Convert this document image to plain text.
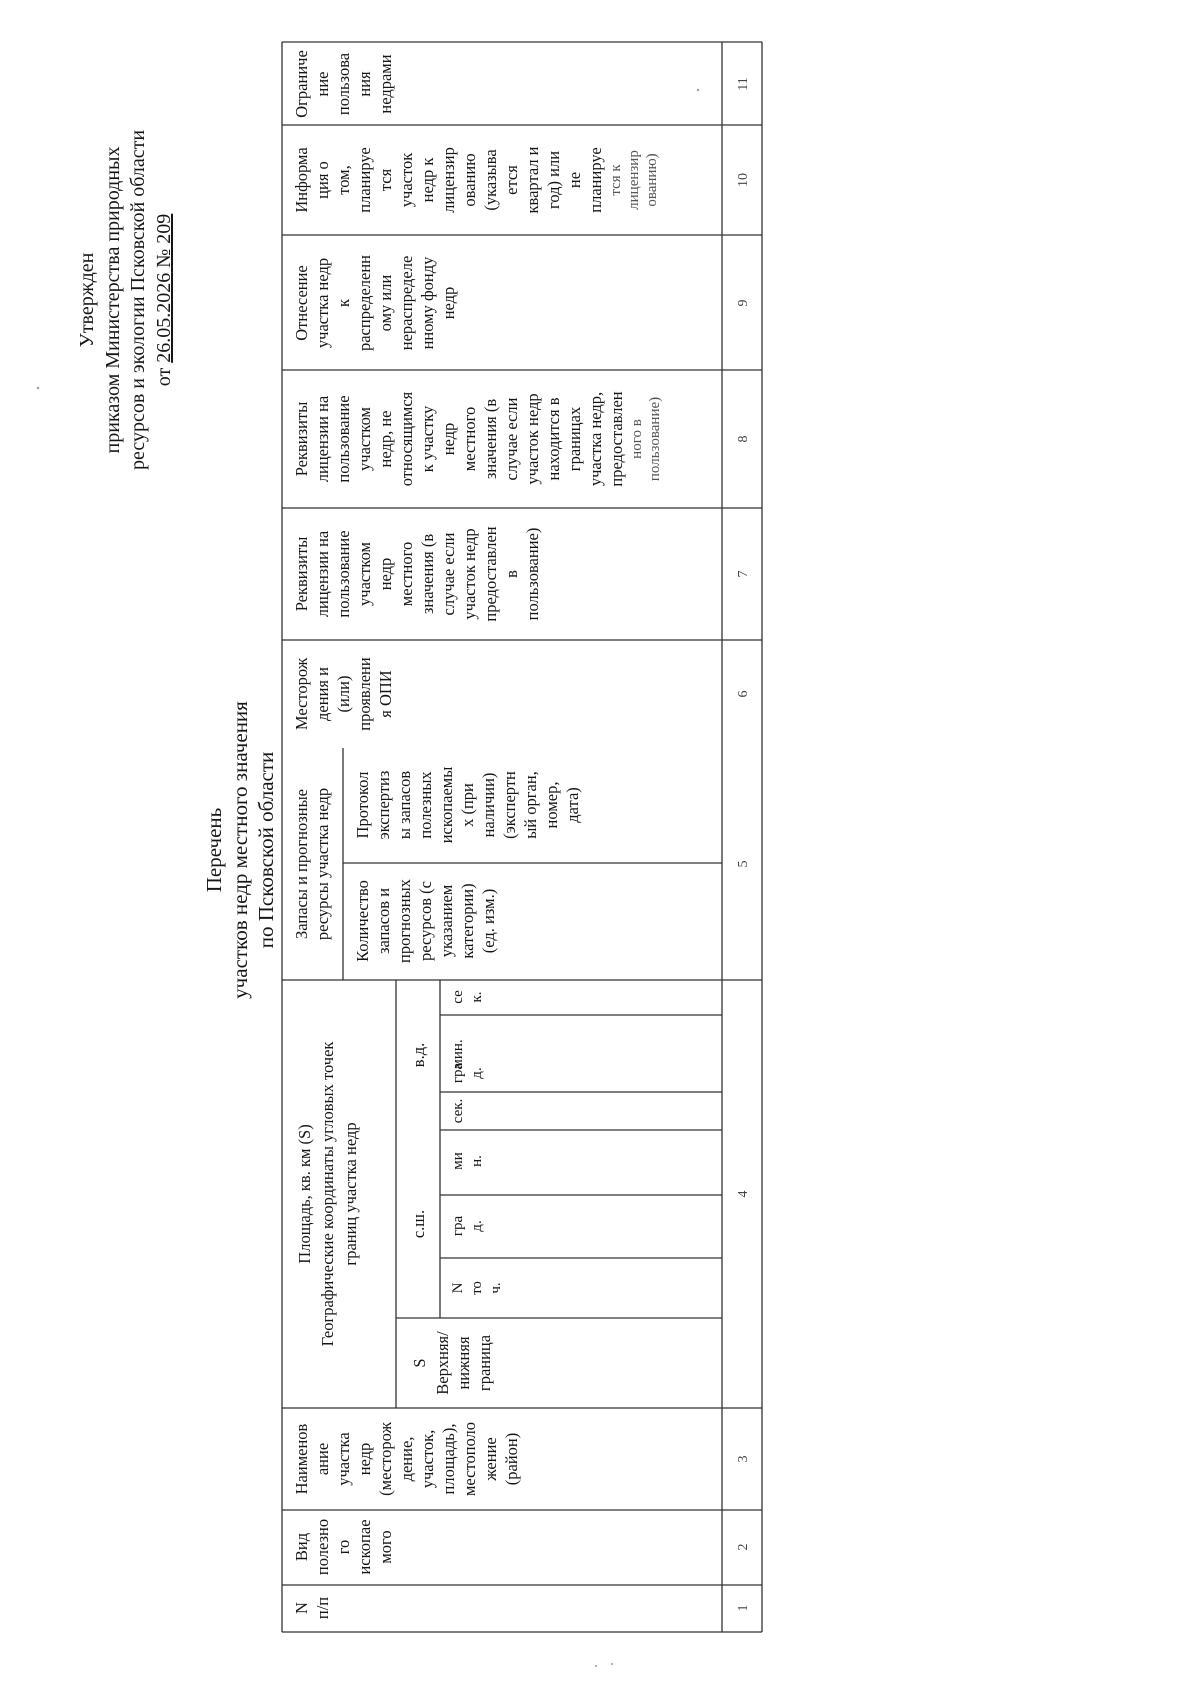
Утвержден приказом Министерства природных ресурсов и экологии Псковской области от 26.05.2026 № 209
Перечень участков недр местного значения по Псковской области
N п/п
Вид полезно го ископае мого
Наименов ание участка недр (месторож дение, участок, площадь), местополо жение (район)
Площадь, кв. км (S) Географические координаты угловых точек границ участка недр
S Верхняя/ нижняя граница
с.ш.
в.д.
N то ч.
гра д.
ми н.
сек.
гра д.
мин.
се к.
Запасы и прогнозные ресурсы участка недр Количество запасов и прогнозных ресурсов (с указанием категории) (ед. изм.)
Протокол экспертиз ы запасов полезных ископаемы х (при наличии) (экспертн ый орган, номер, дата)
Месторож дения и (или) проявлени я ОПИ
Реквизиты лицензии на пользование участком недр местного значения (в случае если участок недр предоставлен в пользование)
Реквизиты лицензии на пользование участком недр, не относящимся к участку недр местного значения (в случае если участок недр находится в границах участка недр, предоставлен ного в пользование)
Отнесение участка недр к распределенн ому или нераспределе нному фонду недр
Информа ция о том, планируе тся участок недр к лицензир ованию (указыва ется квартал и год) или не планируе тся к лицензир ованию)
Ограниче ние пользова ния недрами
1
2
3
4
5
6
7
8
9
10
11
